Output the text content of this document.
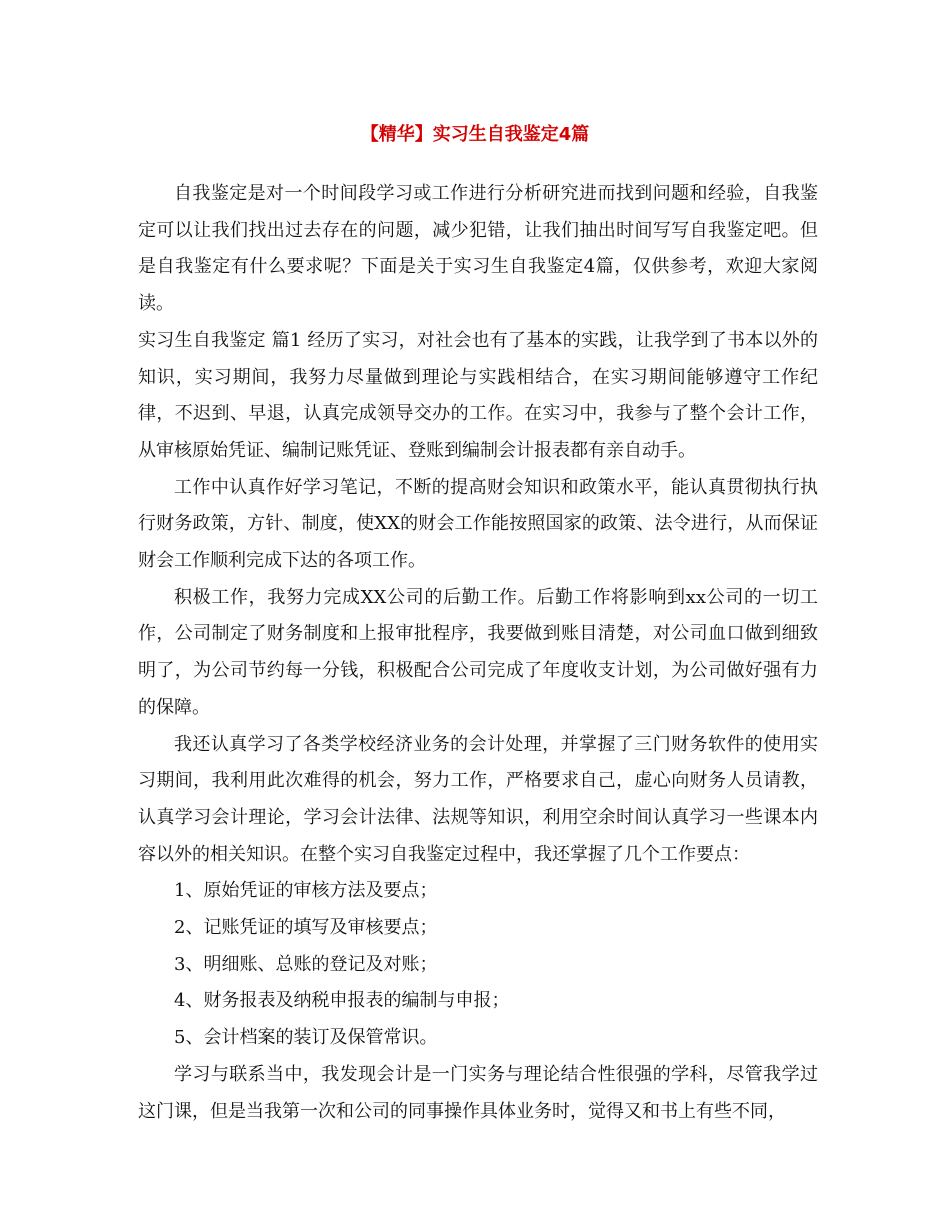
【精华】实习生自我鉴定4篇

自我鉴定是对一个时间段学习或工作进行分析研究进而找到问题和经验，自我鉴定可以让我们找出过去存在的问题，减少犯错，让我们抽出时间写写自我鉴定吧。但是自我鉴定有什么要求呢？下面是关于实习生自我鉴定4篇，仅供参考，欢迎大家阅读。

实习生自我鉴定 篇1 经历了实习，对社会也有了基本的实践，让我学到了书本以外的知识，实习期间，我努力尽量做到理论与实践相结合，在实习期间能够遵守工作纪律，不迟到、早退，认真完成领导交办的工作。在实习中，我参与了整个会计工作，从审核原始凭证、编制记账凭证、登账到编制会计报表都有亲自动手。

工作中认真作好学习笔记，不断的提高财会知识和政策水平，能认真贯彻执行执行财务政策，方针、制度，使XX的财会工作能按照国家的政策、法令进行，从而保证财会工作顺利完成下达的各项工作。

积极工作，我努力完成XX公司的后勤工作。后勤工作将影响到xx公司的一切工作，公司制定了财务制度和上报审批程序，我要做到账目清楚，对公司血口做到细致明了，为公司节约每一分钱，积极配合公司完成了年度收支计划，为公司做好强有力的保障。

我还认真学习了各类学校经济业务的会计处理，并掌握了三门财务软件的使用实习期间，我利用此次难得的机会，努力工作，严格要求自己，虚心向财务人员请教，认真学习会计理论，学习会计法律、法规等知识，利用空余时间认真学习一些课本内容以外的相关知识。在整个实习自我鉴定过程中，我还掌握了几个工作要点：

1、原始凭证的审核方法及要点；

2、记账凭证的填写及审核要点；

3、明细账、总账的登记及对账；

4、财务报表及纳税申报表的编制与申报；

5、会计档案的装订及保管常识。

学习与联系当中，我发现会计是一门实务与理论结合性很强的学科，尽管我学过这门课，但是当我第一次和公司的同事操作具体业务时，觉得又和书上有些不同，
